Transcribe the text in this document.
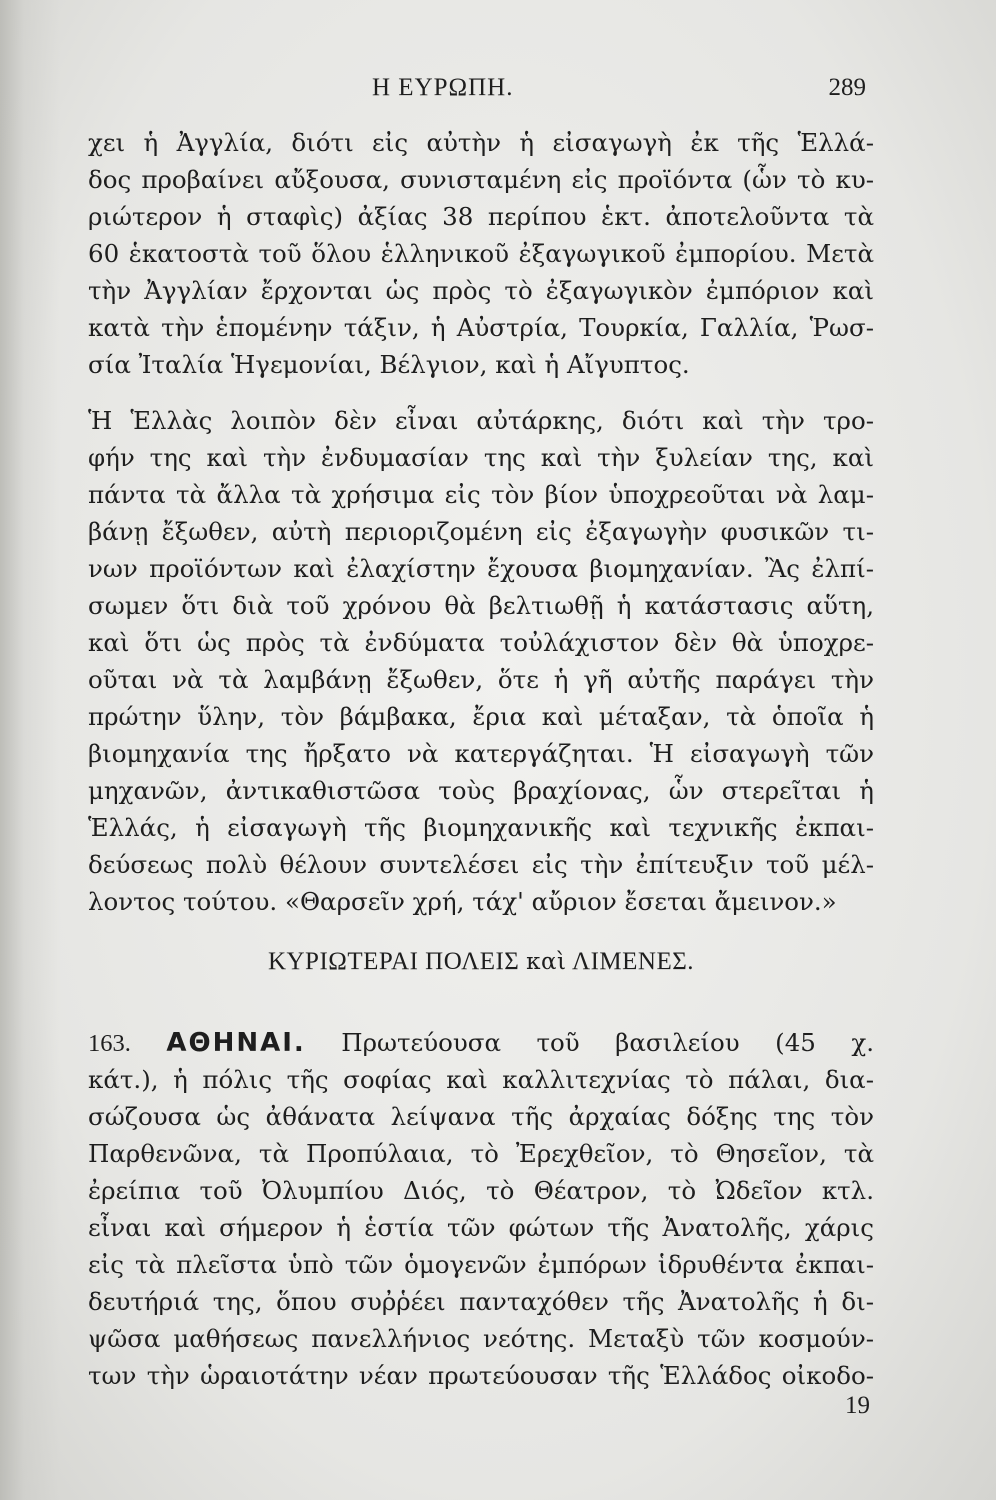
Η ΕΥΡΩΠΗ.	289
χει ἡ Ἀγγλία, διότι εἰς αὐτὴν ἡ εἰσαγωγὴ ἐκ τῆς Ἑλλά-
δος προβαίνει αὔξουσα, συνισταμένη εἰς προϊόντα (ὧν τὸ κυ-
ριώτερον ἡ σταφὶς) ἀξίας 38 περίπου ἑκτ. ἀποτελοῦντα τὰ
60 ἑκατοστὰ τοῦ ὅλου ἑλληνικοῦ ἐξαγωγικοῦ ἐμπορίου. Μετὰ
τὴν Ἀγγλίαν ἔρχονται ὡς πρὸς τὸ ἐξαγωγικὸν ἐμπόριον καὶ
κατὰ τὴν ἑπομένην τάξιν, ἡ Αὐστρία, Τουρκία, Γαλλία, Ῥωσ-
σία Ἰταλία Ἡγεμονίαι, Βέλγιον, καὶ ἡ Αἴγυπτος.
Ἡ Ἑλλὰς λοιπὸν δὲν εἶναι αὐτάρκης, διότι καὶ τὴν τρο-
φήν της καὶ τὴν ἐνδυμασίαν της καὶ τὴν ξυλείαν της, καὶ
πάντα τὰ ἄλλα τὰ χρήσιμα εἰς τὸν βίον ὑποχρεοῦται νὰ λαμ-
βάνῃ ἔξωθεν, αὐτὴ περιοριζομένη εἰς ἐξαγωγὴν φυσικῶν τι-
νων προϊόντων καὶ ἐλαχίστην ἔχουσα βιομηχανίαν. Ἂς ἐλπί-
σωμεν ὅτι διὰ τοῦ χρόνου θὰ βελτιωθῇ ἡ κατάστασις αὕτη,
καὶ ὅτι ὡς πρὸς τὰ ἐνδύματα τοὐλάχιστον δὲν θὰ ὑποχρε-
οῦται νὰ τὰ λαμβάνῃ ἔξωθεν, ὅτε ἡ γῆ αὐτῆς παράγει τὴν
πρώτην ὕλην, τὸν βάμβακα, ἔρια καὶ μέταξαν, τὰ ὁποῖα ἡ
βιομηχανία της ἤρξατο νὰ κατεργάζηται. Ἡ εἰσαγωγὴ τῶν
μηχανῶν, ἀντικαθιστῶσα τοὺς βραχίονας, ὧν στερεῖται ἡ
Ἑλλάς, ἡ εἰσαγωγὴ τῆς βιομηχανικῆς καὶ τεχνικῆς ἐκπαι-
δεύσεως πολὺ θέλουν συντελέσει εἰς τὴν ἐπίτευξιν τοῦ μέλ-
λοντος τούτου. «Θαρσεῖν χρή, τάχ' αὔριον ἔσεται ἄμεινον.»
ΚΥΡΙΩΤΕΡΑΙ ΠΟΛΕΙΣ καὶ ΛΙΜΕΝΕΣ.
163. ΑΘΗΝΑΙ. Πρωτεύουσα τοῦ βασιλείου (45 χ.
κάτ.), ἡ πόλις τῆς σοφίας καὶ καλλιτεχνίας τὸ πάλαι, δια-
σώζουσα ὡς ἀθάνατα λείψανα τῆς ἀρχαίας δόξης της τὸν
Παρθενῶνα, τὰ Προπύλαια, τὸ Ἐρεχθεῖον, τὸ Θησεῖον, τὰ
ἐρείπια τοῦ Ὀλυμπίου Διός, τὸ Θέατρον, τὸ Ὠδεῖον κτλ.
εἶναι καὶ σήμερον ἡ ἑστία τῶν φώτων τῆς Ἀνατολῆς, χάρις
εἰς τὰ πλεῖστα ὑπὸ τῶν ὁμογενῶν ἐμπόρων ἱδρυθέντα ἐκπαι-
δευτήριά της, ὅπου συῤῥέει πανταχόθεν τῆς Ἀνατολῆς ἡ δι-
ψῶσα μαθήσεως πανελλήνιος νεότης. Μεταξὺ τῶν κοσμούν-
των τὴν ὡραιοτάτην νέαν πρωτεύουσαν τῆς Ἑλλάδος οἰκοδο-
19
